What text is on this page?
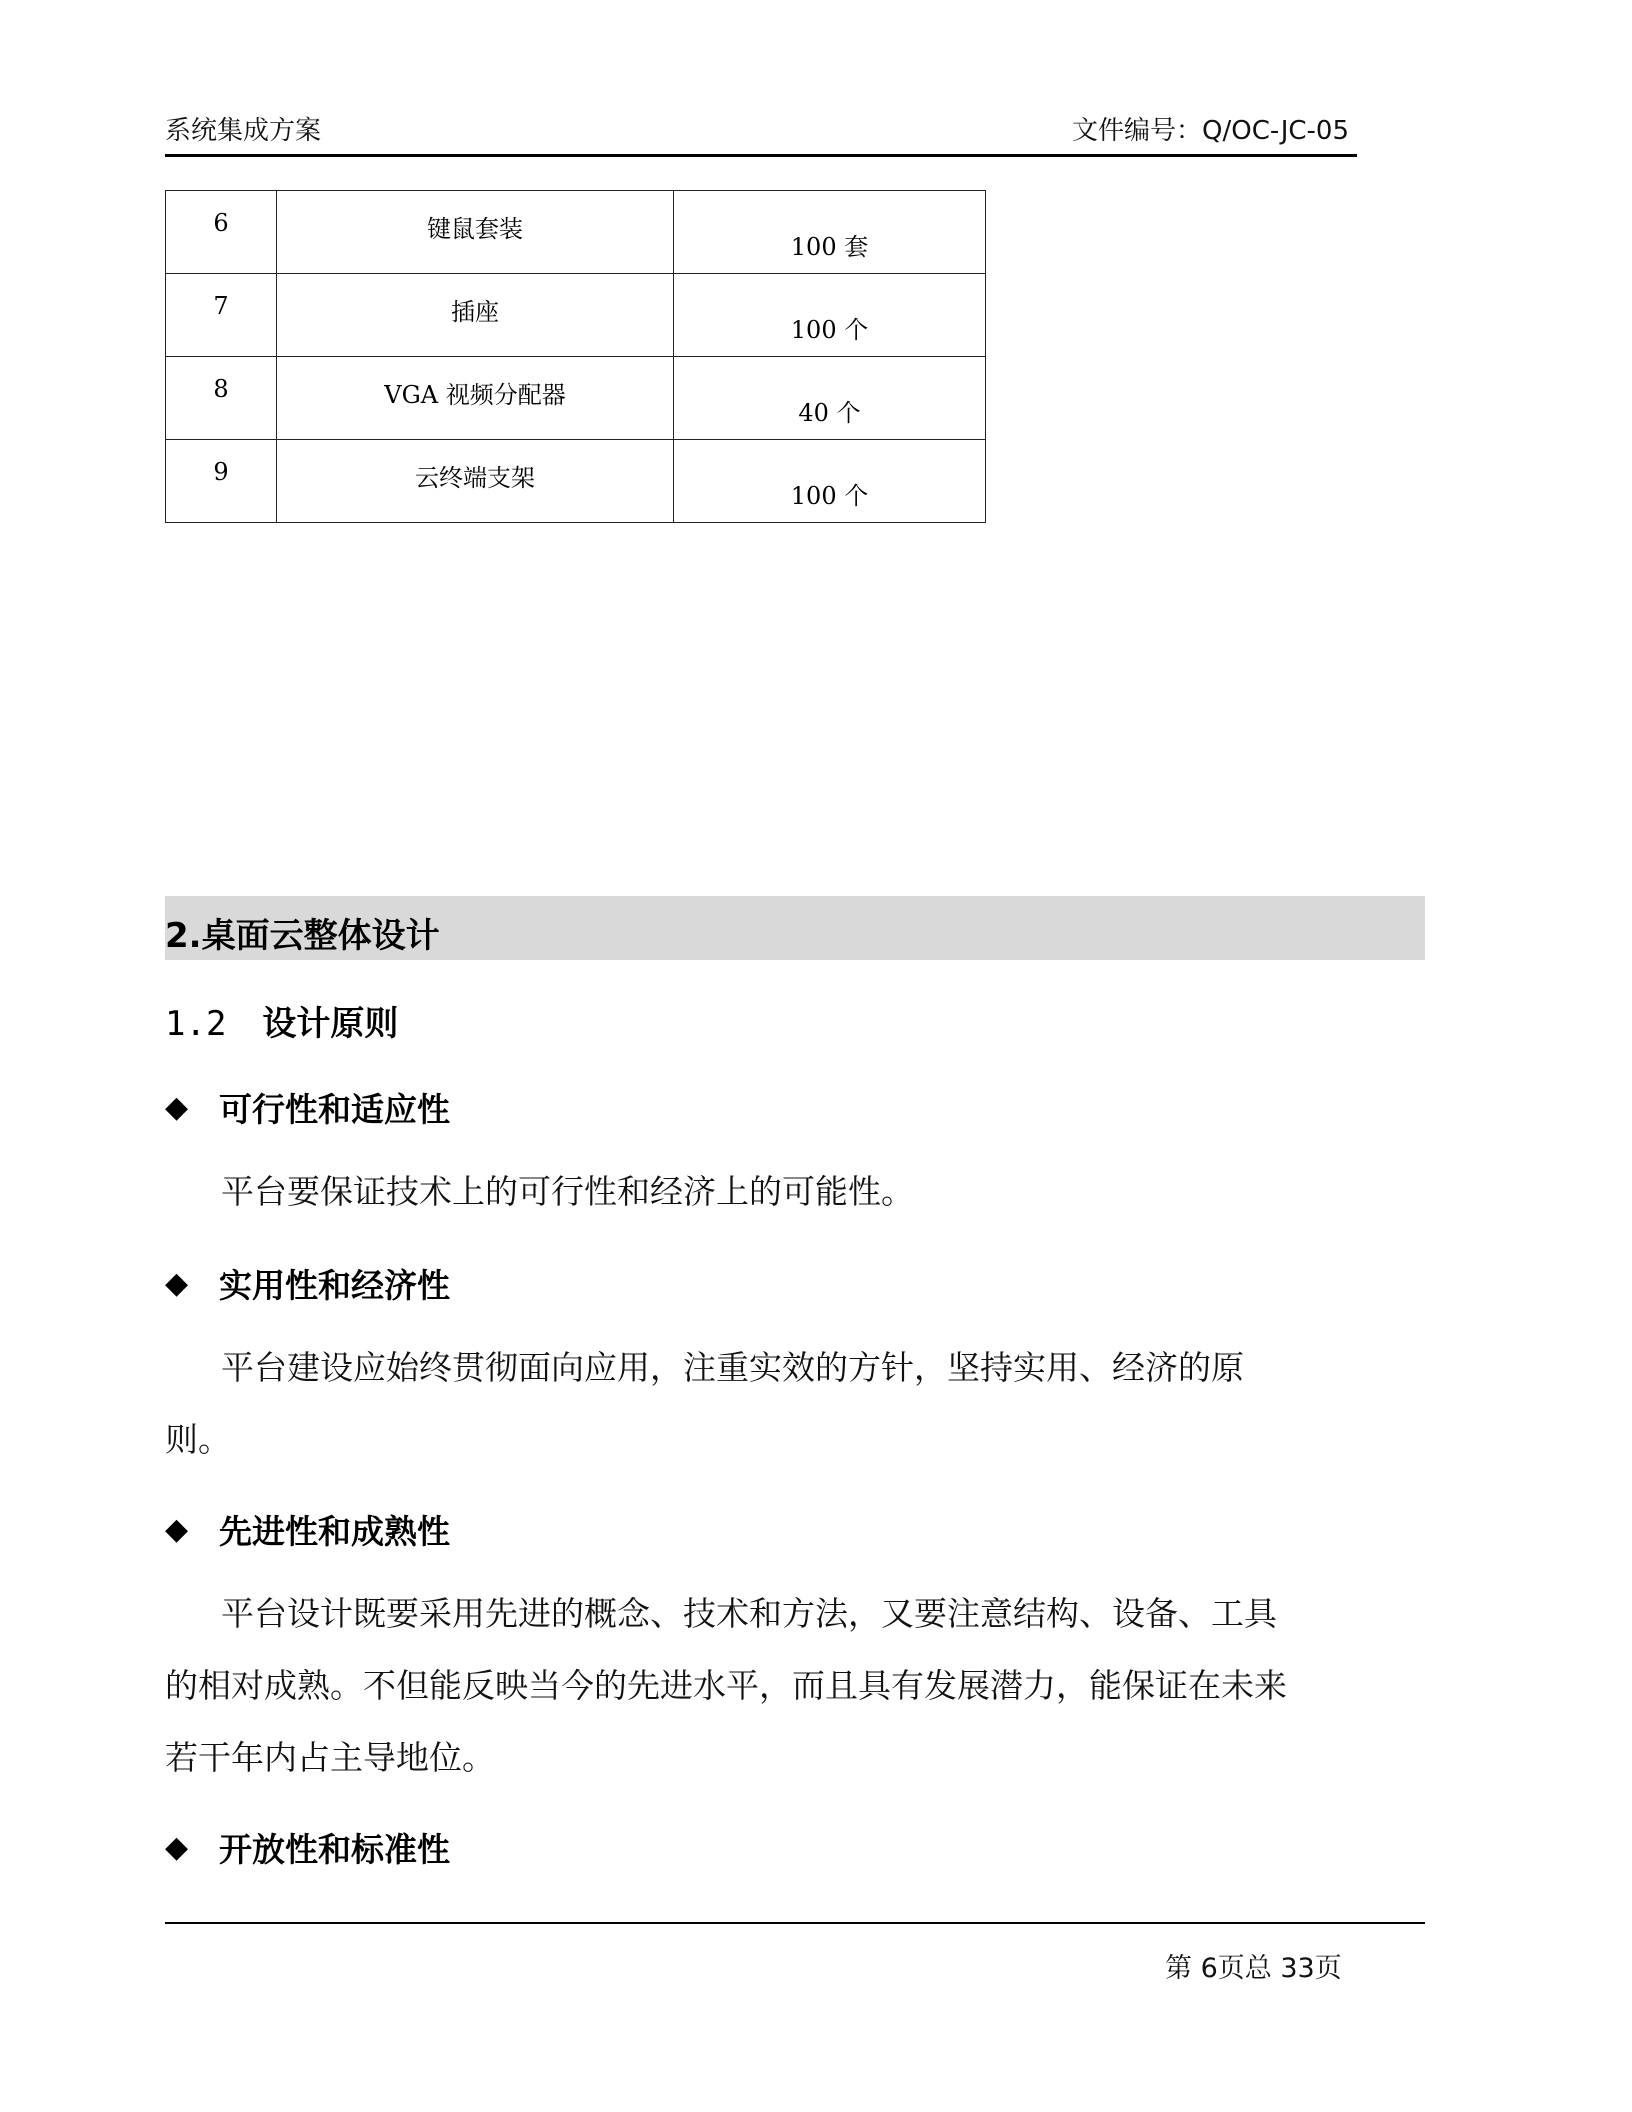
系统集成方案	文件编号：Q/OC-JC-05
6	键鼠套装	100 套

7	插座	100 个

8	VGA 视频分配器	40 个

9	云终端支架	100 个
2.桌面云整体设计
1.2 设计原则
◆ 可行性和适应性
平台要保证技术上的可行性和经济上的可能性。
◆ 实用性和经济性
平台建设应始终贯彻面向应用，注重实效的方针，坚持实用、经济的原
则。
◆ 先进性和成熟性
平台设计既要采用先进的概念、技术和方法，又要注意结构、设备、工具
的相对成熟。不但能反映当今的先进水平，而且具有发展潜力，能保证在未来
若干年内占主导地位。
◆ 开放性和标准性
第 6页总 33页
